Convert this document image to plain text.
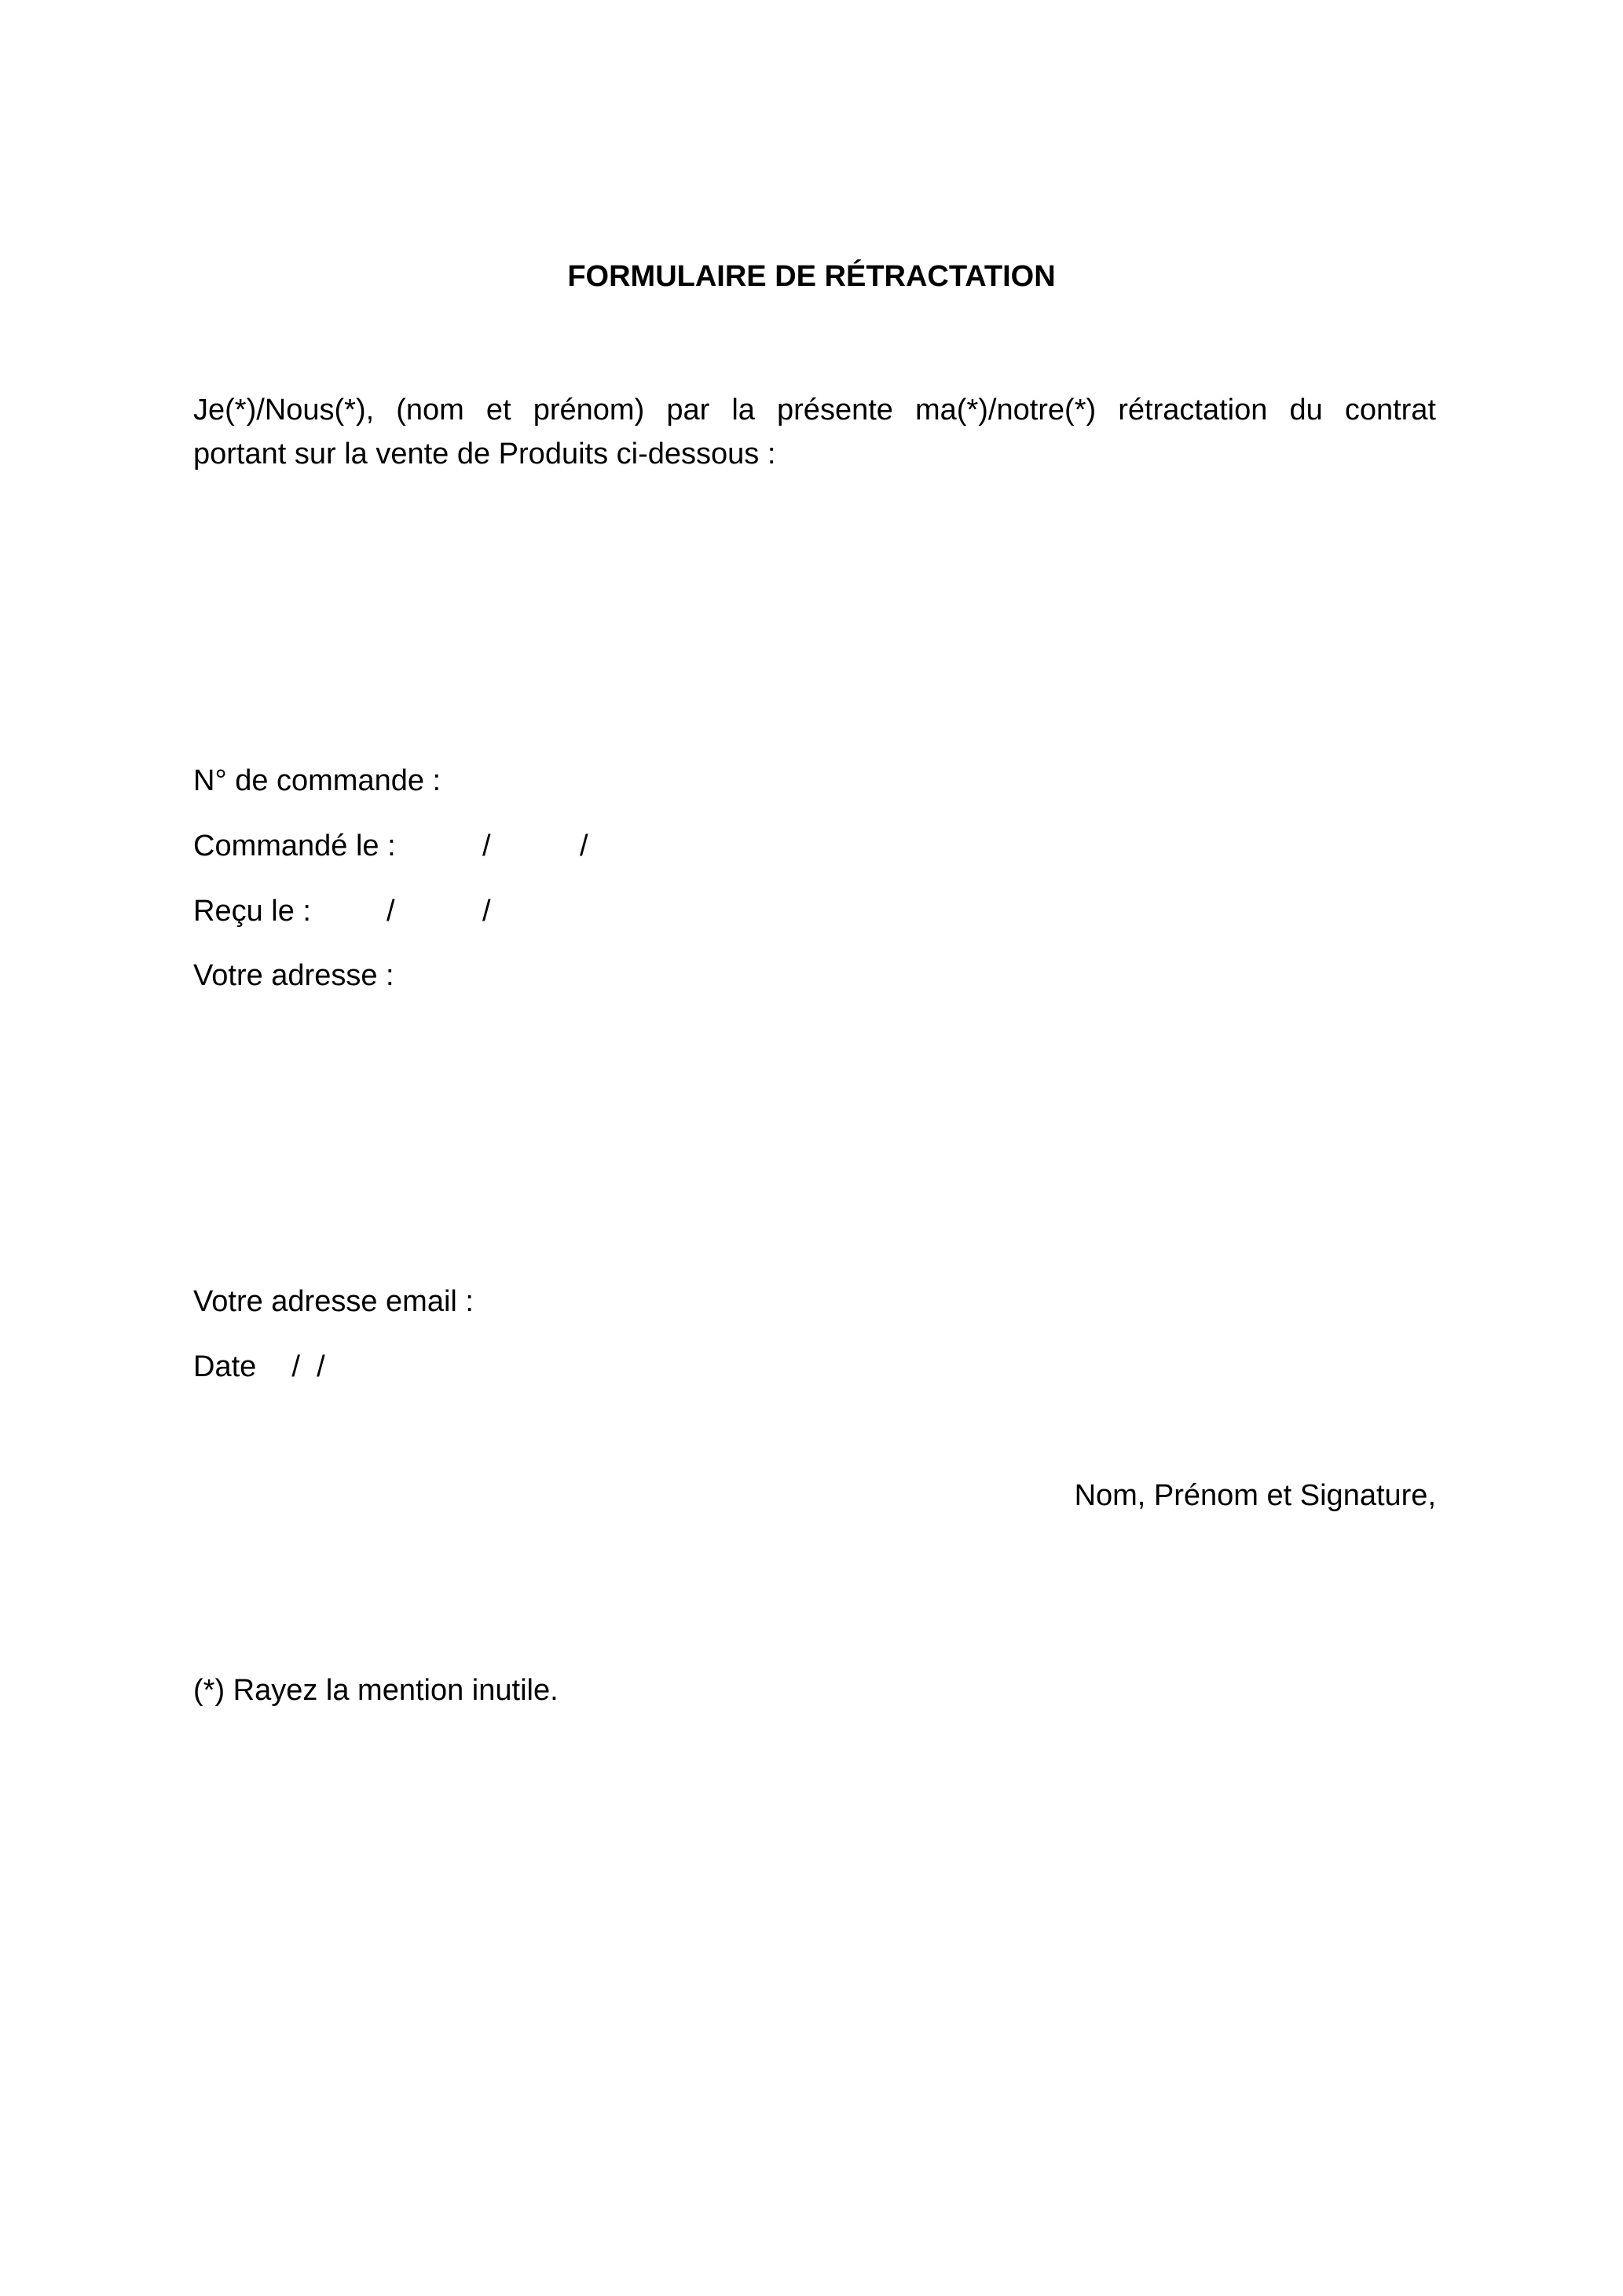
FORMULAIRE DE RÉTRACTATION
Je(*)/Nous(*), (nom et prénom) par la présente ma(*)/notre(*) rétractation du contrat
portant sur la vente de Produits ci-dessous :
N° de commande :
Commandé le :	/	/
Reçu le :	/	/
Votre adresse :
Votre adresse email :
Date /  /
Nom, Prénom et Signature,
(*) Rayez la mention inutile.
